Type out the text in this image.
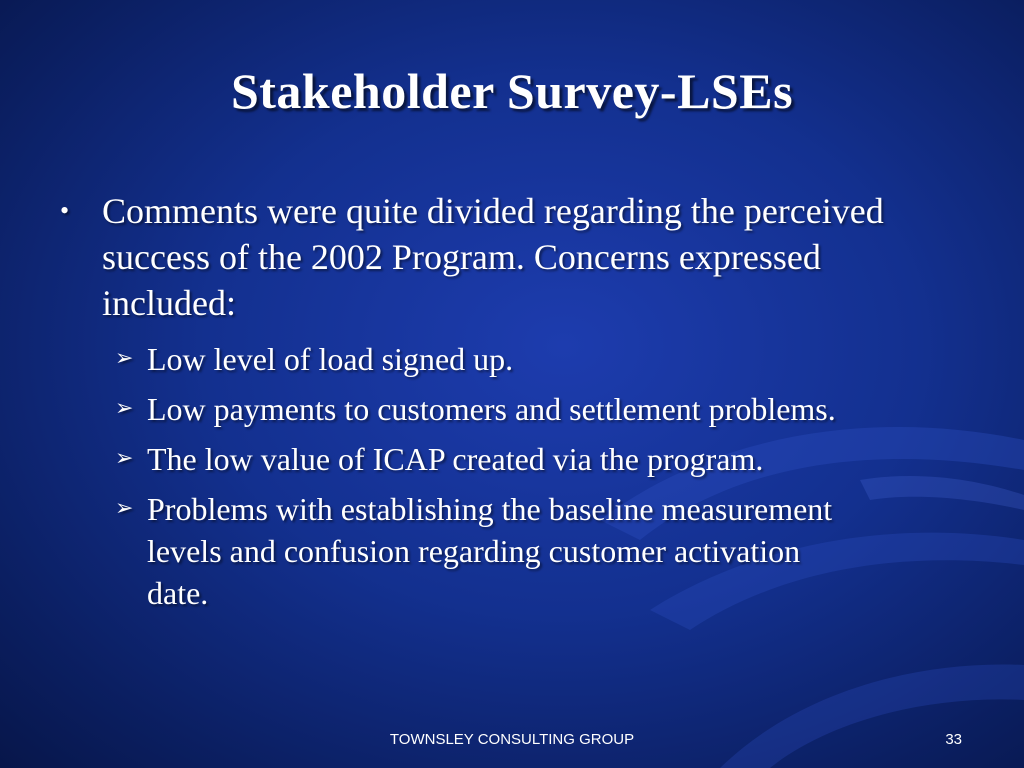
Stakeholder Survey-LSEs
• Comments were quite divided regarding the perceived success of the 2002 Program. Concerns expressed included:
➢ Low level of load signed up.
➢ Low payments to customers and settlement problems.
➢ The low value of ICAP created via the program.
➢ Problems with establishing the baseline measurement levels and confusion regarding customer activation date.
TOWNSLEY CONSULTING GROUP	33
